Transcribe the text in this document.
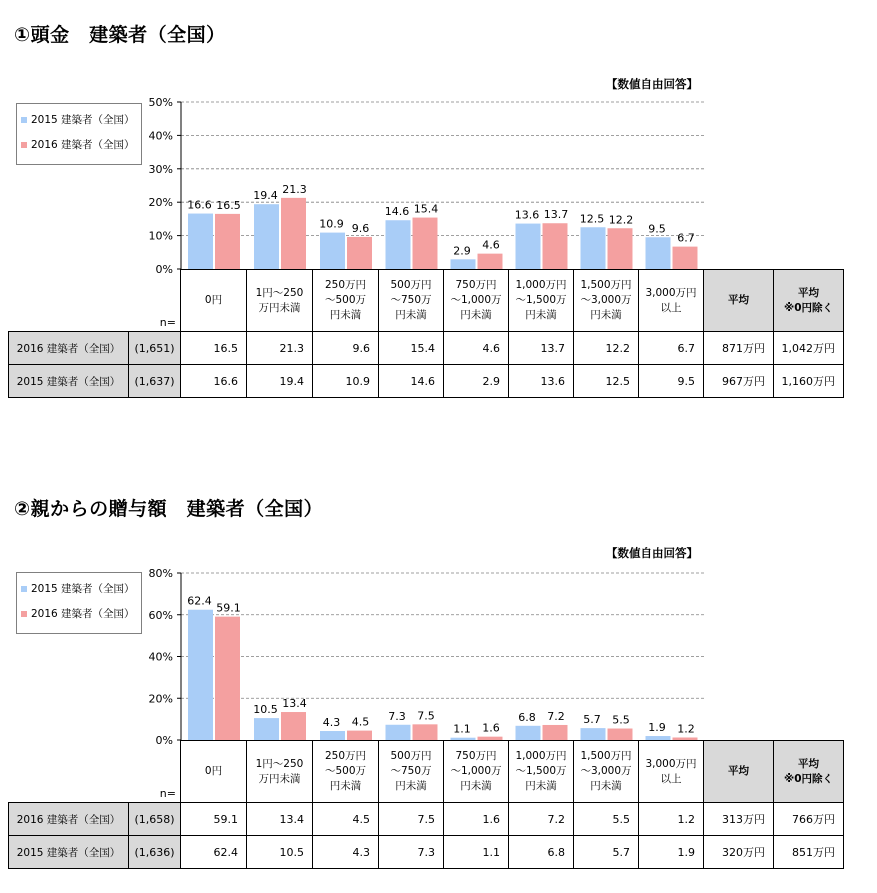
①頭金　建築者（全国）
【数値自由回答】
2015 建築者（全国）
2016 建築者（全国）
0%
10%
20%
30%
40%
50%
16.6 16.5
19.4 21.3
10.9 9.6
14.6 15.4
2.9 4.6
13.6 13.7 12.5 12.2
9.5
6.7
	n=	0円	1円～250
万円未満	250万円
～500万
円未満	500万円
～750万
円未満	750万円
～1,000万
円未満	1,000万円
～1,500万
円未満	1,500万円
～3,000万
円未満	3,000万円
以上	平均	平均
※0円除く
2016 建築者（全国）	(1,651)	16.5	21.3	9.6	15.4	4.6	13.7	12.2	6.7	871万円	1,042万円
2015 建築者（全国）	(1,637)	16.6	19.4	10.9	14.6	2.9	13.6	12.5	9.5	967万円	1,160万円
②親からの贈与額　建築者（全国）
【数値自由回答】
2015 建築者（全国）
2016 建築者（全国）
0%
20%
40%
60%
80%
62.4
59.1
10.5 13.4
4.3 4.5 7.3 7.5
1.1 1.6
6.8 7.2 5.7 5.5
1.9 1.2
	n=	0円	1円～250
万円未満	250万円
～500万
円未満	500万円
～750万
円未満	750万円
～1,000万
円未満	1,000万円
～1,500万
円未満	1,500万円
～3,000万
円未満	3,000万円
以上	平均	平均
※0円除く
2016 建築者（全国）	(1,658)	59.1	13.4	4.5	7.5	1.6	7.2	5.5	1.2	313万円	766万円
2015 建築者（全国）	(1,636)	62.4	10.5	4.3	7.3	1.1	6.8	5.7	1.9	320万円	851万円
